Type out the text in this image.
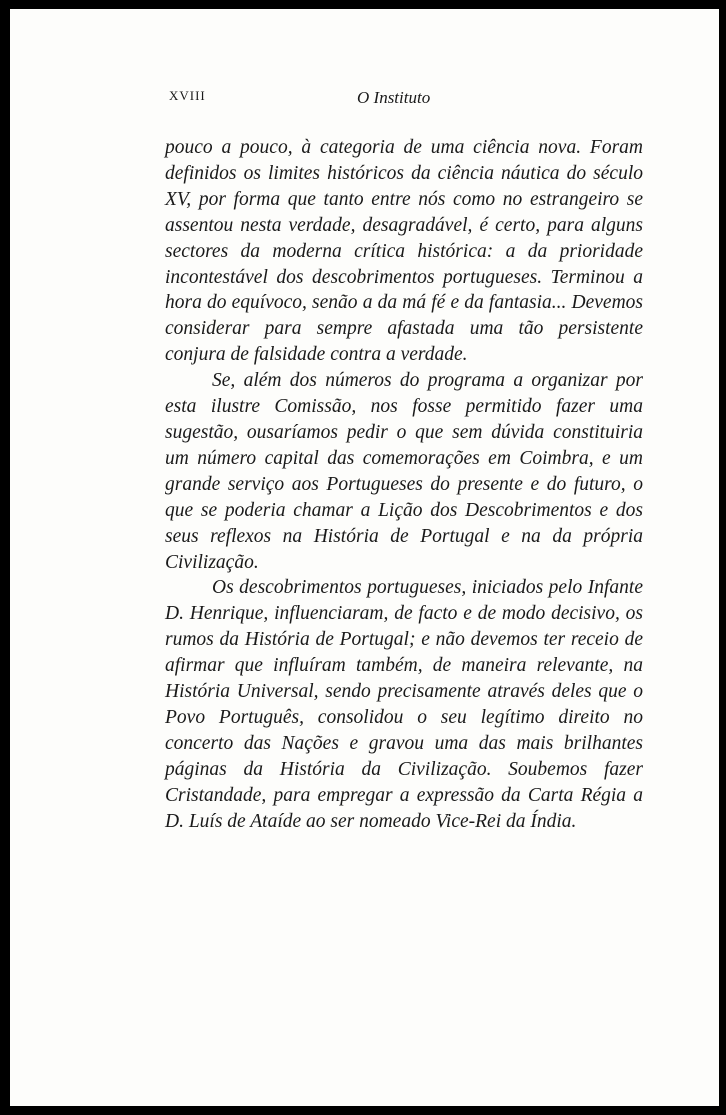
XVIII	O Instituto

pouco a pouco, à categoria de uma ciência nova. Foram definidos os limites históricos da ciência náutica do século XV, por forma que tanto entre nós como no estrangeiro se assentou nesta verdade, desagradável, é certo, para alguns sectores da moderna crítica histórica: a da prioridade incontestável dos descobrimentos portugueses. Terminou a hora do equívoco, senão a da má fé e da fantasia... Devemos considerar para sempre afastada uma tão persistente conjura de falsidade contra a verdade.

Se, além dos números do programa a organizar por esta ilustre Comissão, nos fosse permitido fazer uma sugestão, ousaríamos pedir o que sem dúvida constituiria um número capital das comemorações em Coimbra, e um grande serviço aos Portugueses do presente e do futuro, o que se poderia chamar a Lição dos Descobrimentos e dos seus reflexos na História de Portugal e na da própria Civilização.

Os descobrimentos portugueses, iniciados pelo Infante D. Henrique, influenciaram, de facto e de modo decisivo, os rumos da História de Portugal; e não devemos ter receio de afirmar que influíram também, de maneira relevante, na História Universal, sendo precisamente através deles que o Povo Português, consolidou o seu legítimo direito no concerto das Nações e gravou uma das mais brilhantes páginas da História da Civilização. Soubemos fazer Cristandade, para empregar a expressão da Carta Régia a D. Luís de Ataíde ao ser nomeado Vice-Rei da Índia.
